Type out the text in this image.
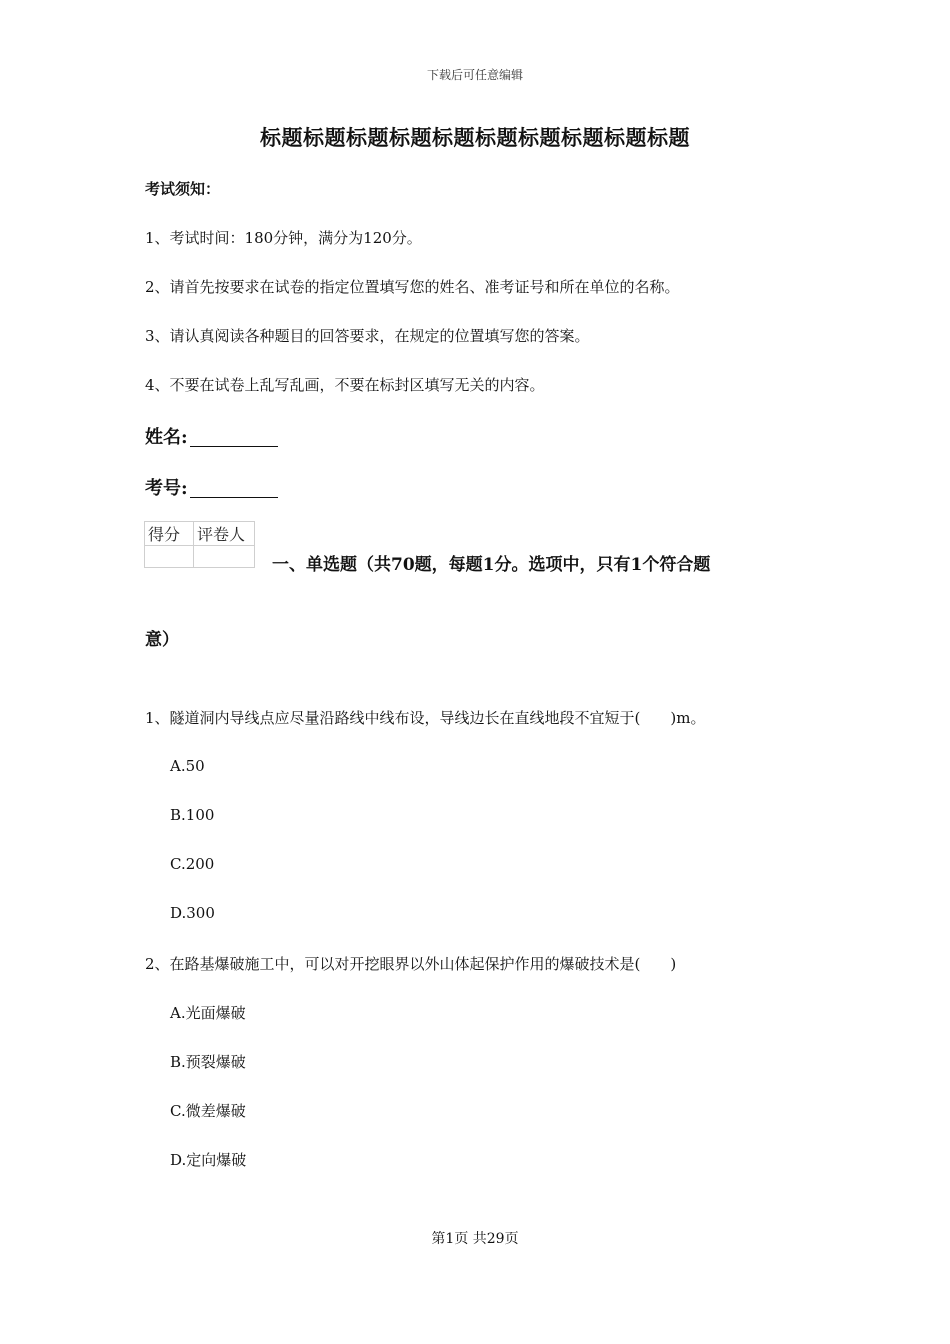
下载后可任意编辑
标题标题标题标题标题标题标题标题标题标题
考试须知：
1、考试时间：180分钟，满分为120分。
2、请首先按要求在试卷的指定位置填写您的姓名、准考证号和所在单位的名称。
3、请认真阅读各种题目的回答要求，在规定的位置填写您的答案。
4、不要在试卷上乱写乱画，不要在标封区填写无关的内容。
姓名:
考号:
得分	评卷人

一、单选题（共70题，每题1分。选项中，只有1个符合题
意）
1、隧道洞内导线点应尽量沿路线中线布设，导线边长在直线地段不宜短于(　　)m。
A.50
B.100
C.200
D.300
2、在路基爆破施工中，可以对开挖眼界以外山体起保护作用的爆破技术是(　　)
A.光面爆破
B.预裂爆破
C.微差爆破
D.定向爆破
第1页 共29页
